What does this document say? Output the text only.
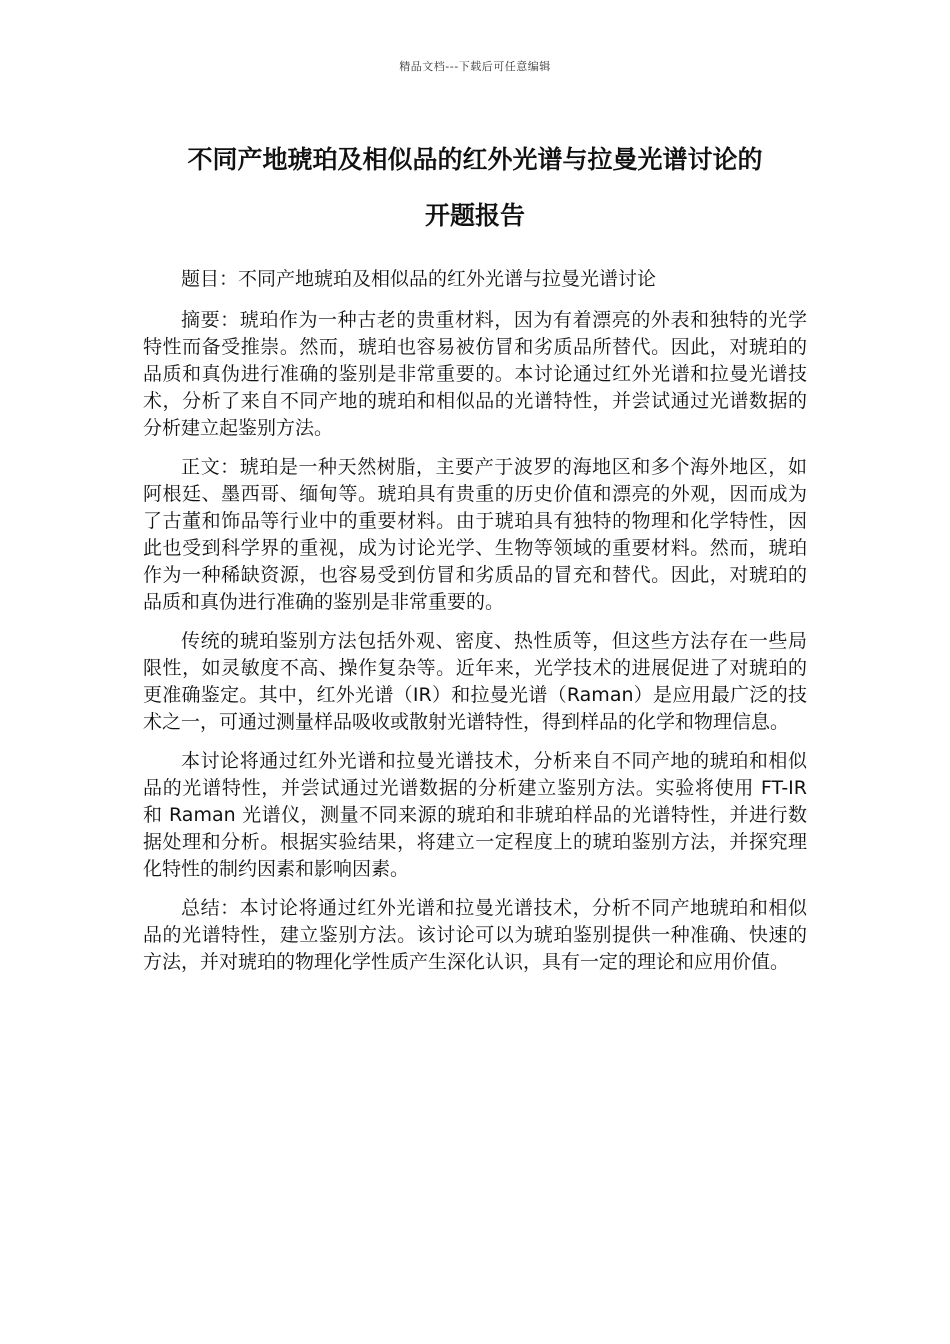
精品文档---下载后可任意编辑
不同产地琥珀及相似品的红外光谱与拉曼光谱讨论的
开题报告

题目：不同产地琥珀及相似品的红外光谱与拉曼光谱讨论

摘要：琥珀作为一种古老的贵重材料，因为有着漂亮的外表和独特的光学特性而备受推崇。然而，琥珀也容易被仿冒和劣质品所替代。因此，对琥珀的品质和真伪进行准确的鉴别是非常重要的。本讨论通过红外光谱和拉曼光谱技术，分析了来自不同产地的琥珀和相似品的光谱特性，并尝试通过光谱数据的分析建立起鉴别方法。

正文：琥珀是一种天然树脂，主要产于波罗的海地区和多个海外地区，如阿根廷、墨西哥、缅甸等。琥珀具有贵重的历史价值和漂亮的外观，因而成为了古董和饰品等行业中的重要材料。由于琥珀具有独特的物理和化学特性，因此也受到科学界的重视，成为讨论光学、生物等领域的重要材料。然而，琥珀作为一种稀缺资源，也容易受到仿冒和劣质品的冒充和替代。因此，对琥珀的品质和真伪进行准确的鉴别是非常重要的。

传统的琥珀鉴别方法包括外观、密度、热性质等，但这些方法存在一些局限性，如灵敏度不高、操作复杂等。近年来，光学技术的进展促进了对琥珀的更准确鉴定。其中，红外光谱（IR）和拉曼光谱（Raman）是应用最广泛的技术之一，可通过测量样品吸收或散射光谱特性，得到样品的化学和物理信息。

本讨论将通过红外光谱和拉曼光谱技术，分析来自不同产地的琥珀和相似品的光谱特性，并尝试通过光谱数据的分析建立鉴别方法。实验将使用 FT-IR 和 Raman 光谱仪，测量不同来源的琥珀和非琥珀样品的光谱特性，并进行数据处理和分析。根据实验结果，将建立一定程度上的琥珀鉴别方法，并探究理化特性的制约因素和影响因素。

总结：本讨论将通过红外光谱和拉曼光谱技术，分析不同产地琥珀和相似品的光谱特性，建立鉴别方法。该讨论可以为琥珀鉴别提供一种准确、快速的方法，并对琥珀的物理化学性质产生深化认识，具有一定的理论和应用价值。
